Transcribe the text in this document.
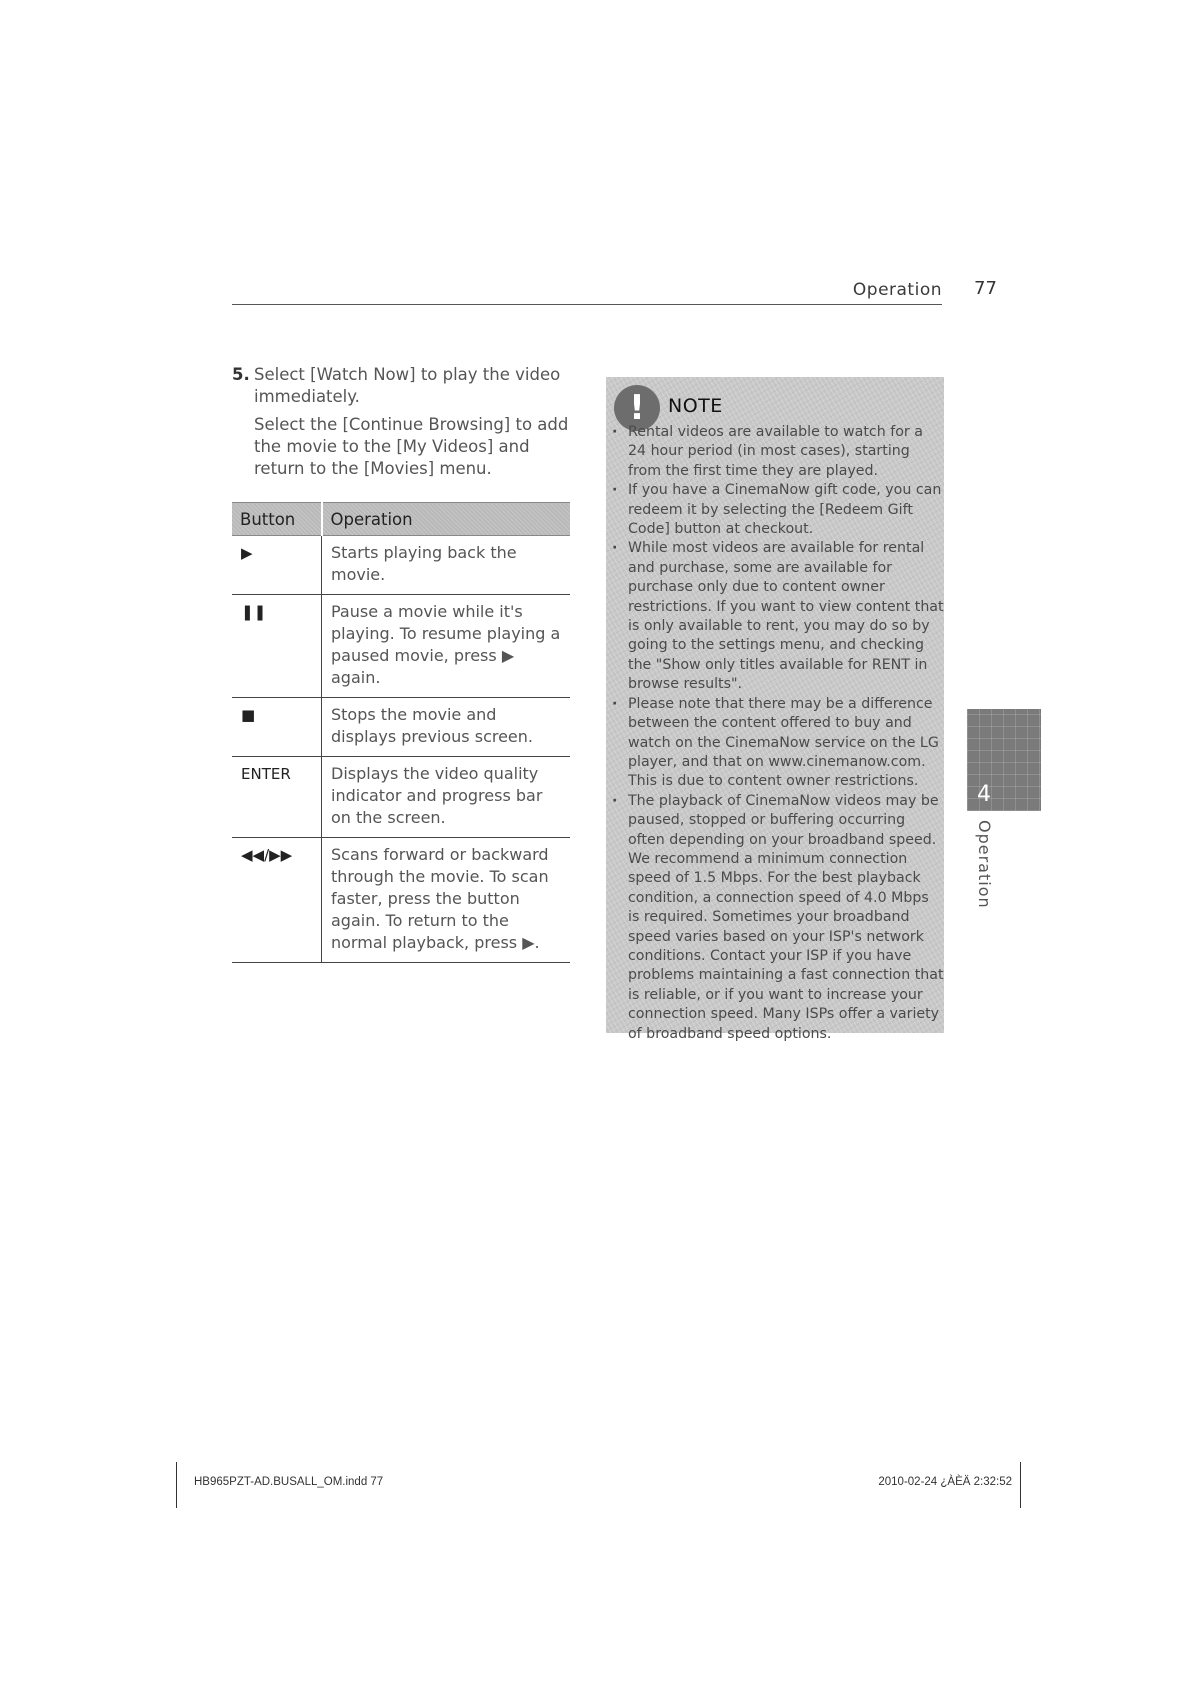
Operation 77
5. Select [Watch Now] to play the video immediately.

Select the [Continue Browsing] to add the movie to the [My Videos] and return to the [Movies] menu.

Button	Operation
▶	Starts playing back the movie.
❚❚	Pause a movie while it's playing. To resume playing a paused movie, press ▶ again.
■	Stops the movie and displays previous screen.
ENTER	Displays the video quality indicator and progress bar on the screen.
◀◀/▶▶	Scans forward or backward through the movie. To scan faster, press the button again. To return to the normal playback, press ▶.
!	NOTE
· Rental videos are available to watch for a 24 hour period (in most cases), starting from the first time they are played.
· If you have a CinemaNow gift code, you can redeem it by selecting the [Redeem Gift Code] button at checkout.
· While most videos are available for rental and purchase, some are available for purchase only due to content owner restrictions. If you want to view content that is only available to rent, you may do so by going to the settings menu, and checking the "Show only titles available for RENT in browse results".
· Please note that there may be a difference between the content offered to buy and watch on the CinemaNow service on the LG player, and that on www.cinemanow.com. This is due to content owner restrictions.
· The playback of CinemaNow videos may be paused, stopped or buffering occurring often depending on your broadband speed. We recommend a minimum connection speed of 1.5 Mbps. For the best playback condition, a connection speed of 4.0 Mbps is required. Sometimes your broadband speed varies based on your ISP's network conditions. Contact your ISP if you have problems maintaining a fast connection that is reliable, or if you want to increase your connection speed. Many ISPs offer a variety of broadband speed options.
4
Operation
HB965PZT-AD.BUSALL_OM.indd 77	2010-02-24 ¿ÀÈÄ 2:32:52
